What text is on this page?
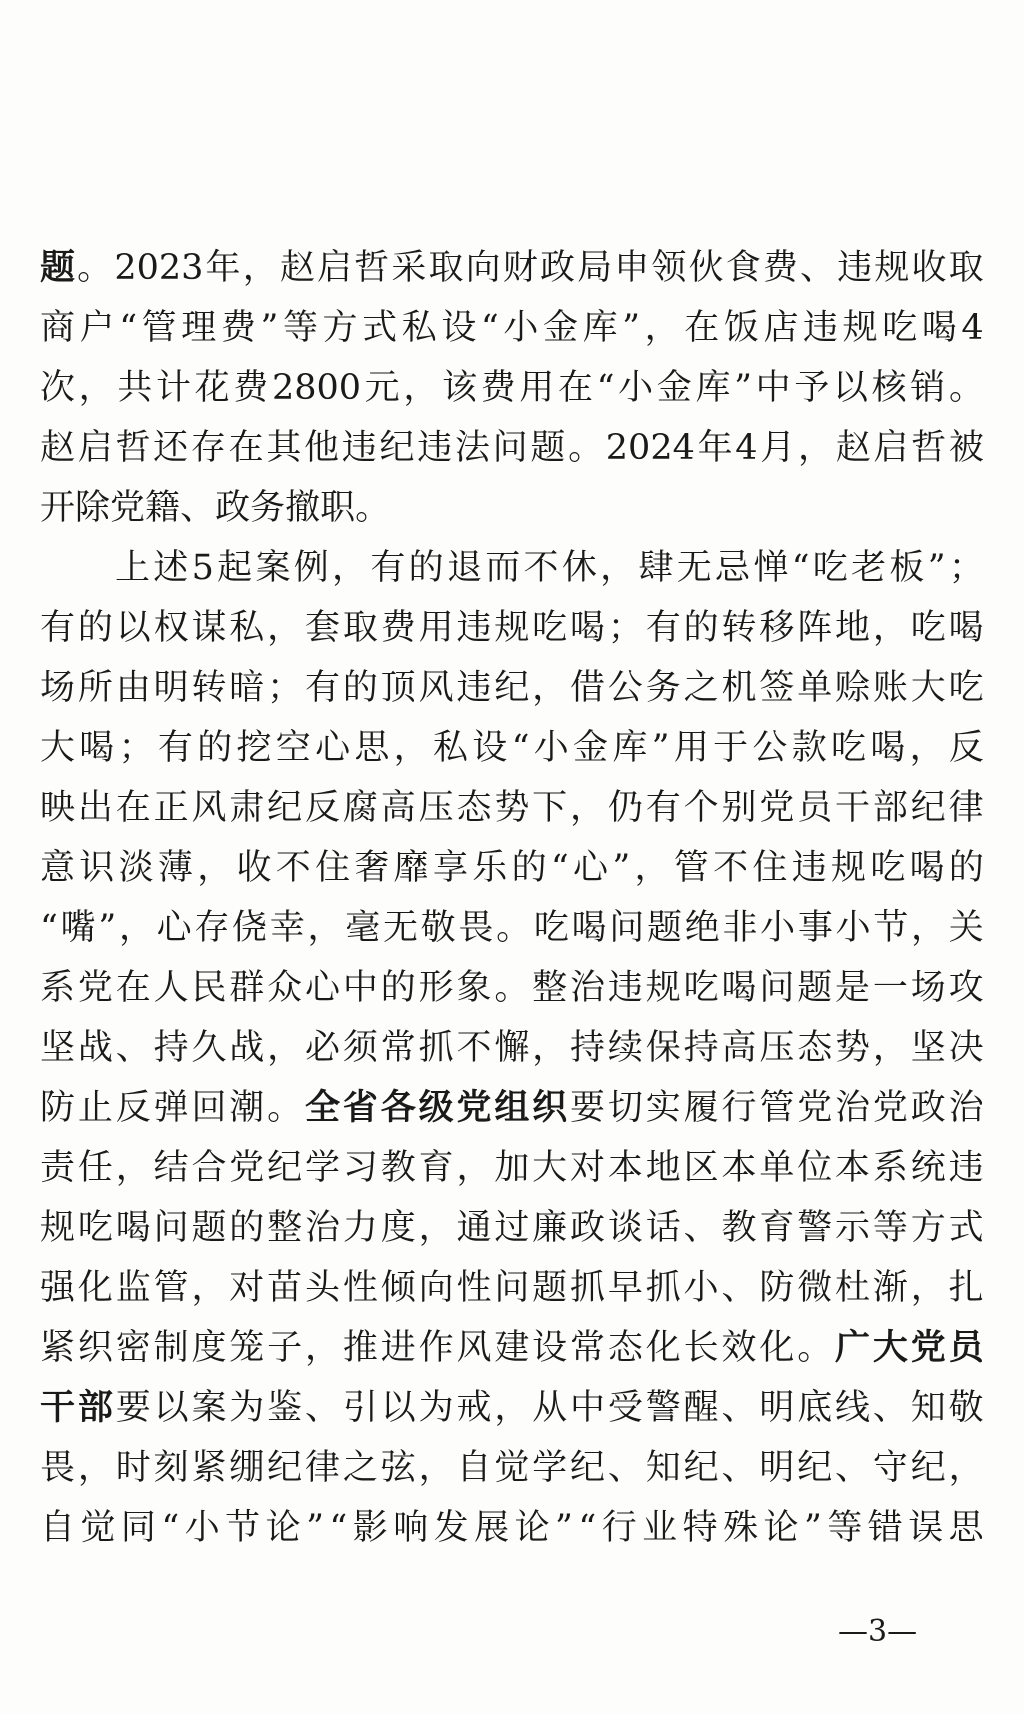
题 。 2023 年 ， 赵 启 哲 采 取 向 财 政 局 申 领 伙 食 费 、 违 规 收 取
商 户 “ 管 理 费 ” 等 方 式 私 设 “ 小 金 库 ” ， 在 饭 店 违 规 吃 喝 4
次 ， 共 计 花 费 2800 元 ， 该 费 用 在 “ 小 金 库 ” 中 予 以 核 销 。
赵 启 哲 还 存 在 其 他 违 纪 违 法 问 题 。 2024 年 4 月 ， 赵 启 哲 被
开 除 党 籍 、 政 务 撤 职 。
上 述 5 起 案 例 ， 有 的 退 而 不 休 ， 肆 无 忌 惮 “ 吃 老 板 ” ；
有 的 以 权 谋 私 ， 套 取 费 用 违 规 吃 喝 ； 有 的 转 移 阵 地 ， 吃 喝
场 所 由 明 转 暗 ； 有 的 顶 风 违 纪 ， 借 公 务 之 机 签 单 赊 账 大 吃
大 喝 ； 有 的 挖 空 心 思 ， 私 设 “ 小 金 库 ” 用 于 公 款 吃 喝 ， 反
映 出 在 正 风 肃 纪 反 腐 高 压 态 势 下 ， 仍 有 个 别 党 员 干 部 纪 律
意 识 淡 薄 ， 收 不 住 奢 靡 享 乐 的 “ 心 ” ， 管 不 住 违 规 吃 喝 的
“ 嘴 ” ， 心 存 侥 幸 ， 毫 无 敬 畏 。 吃 喝 问 题 绝 非 小 事 小 节 ， 关
系 党 在 人 民 群 众 心 中 的 形 象 。 整 治 违 规 吃 喝 问 题 是 一 场 攻
坚 战 、 持 久 战 ， 必 须 常 抓 不 懈 ， 持 续 保 持 高 压 态 势 ， 坚 决
防 止 反 弹 回 潮 。 全 省 各 级 党 组 织 要 切 实 履 行 管 党 治 党 政 治
责 任 ， 结 合 党 纪 学 习 教 育 ， 加 大 对 本 地 区 本 单 位 本 系 统 违
规 吃 喝 问 题 的 整 治 力 度 ， 通 过 廉 政 谈 话 、 教 育 警 示 等 方 式
强 化 监 管 ， 对 苗 头 性 倾 向 性 问 题 抓 早 抓 小 、 防 微 杜 渐 ， 扎
紧 织 密 制 度 笼 子 ， 推 进 作 风 建 设 常 态 化 长 效 化 。 广 大 党 员
干 部 要 以 案 为 鉴 、 引 以 为 戒 ， 从 中 受 警 醒 、 明 底 线 、 知 敬
畏 ， 时 刻 紧 绷 纪 律 之 弦 ， 自 觉 学 纪 、 知 纪 、 明 纪 、 守 纪 ，
自 觉 同 “ 小 节 论 ” “ 影 响 发 展 论 ” “ 行 业 特 殊 论 ” 等 错 误 思
—3—
